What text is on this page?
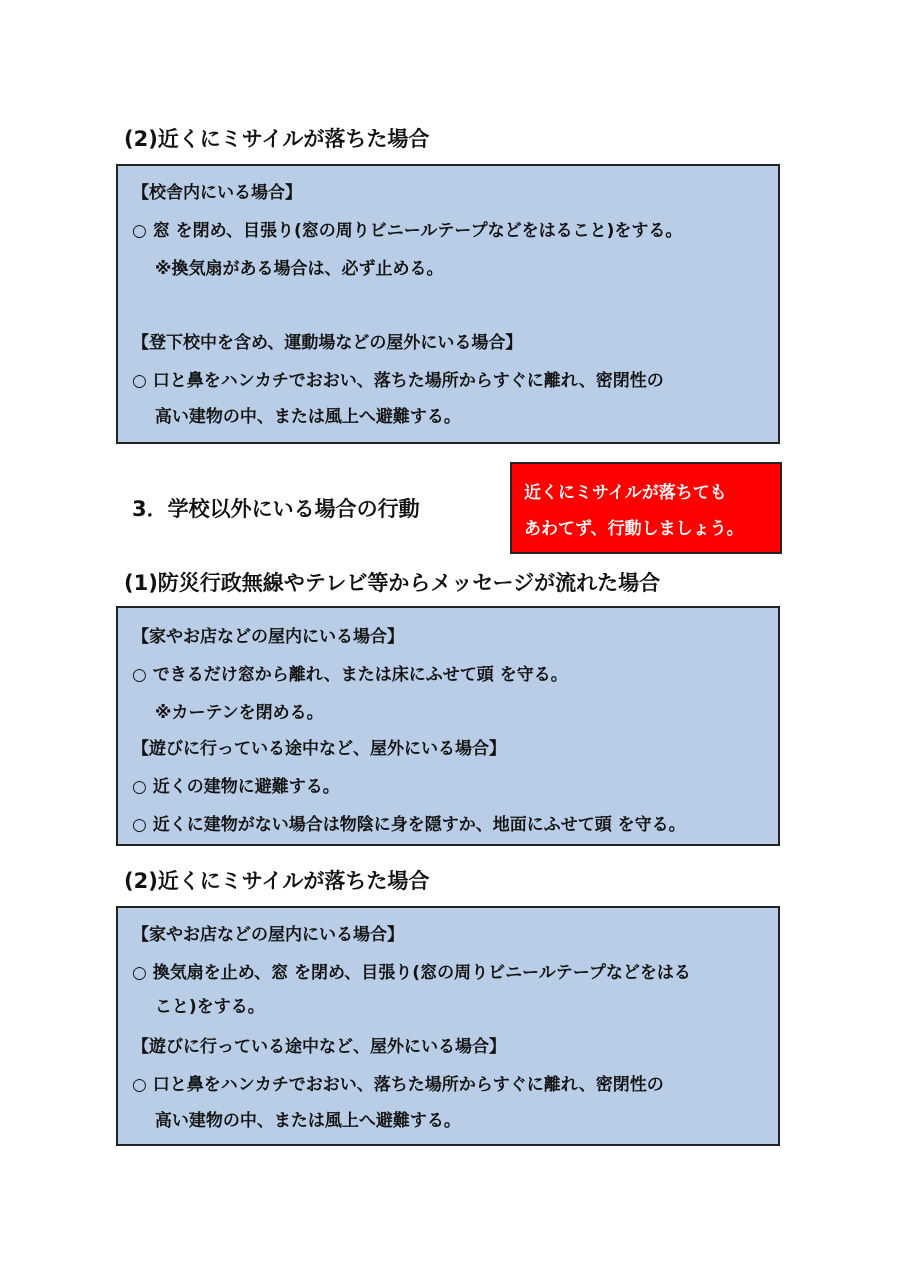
(2)近くにミサイルが落ちた場合
【校舎内にいる場合】
○ 窓 を閉め、目張り(窓の周りビニールテープなどをはること)をする。
　 ※換気扇がある場合は、必ず止める。
【登下校中を含め、運動場などの屋外にいる場合】
○ 口と鼻をハンカチでおおい、落ちた場所からすぐに離れ、密閉性の
　 高い建物の中、または風上へ避難する。
3．学校以外にいる場合の行動
近くにミサイルが落ちても
あわてず、行動しましょう。
(1)防災行政無線やテレビ等からメッセージが流れた場合
【家やお店などの屋内にいる場合】
○ できるだけ窓から離れ、または床にふせて頭 を守る。
　 ※カーテンを閉める。
【遊びに行っている途中など、屋外にいる場合】
○ 近くの建物に避難する。
○ 近くに建物がない場合は物陰に身を隠すか、地面にふせて頭 を守る。
(2)近くにミサイルが落ちた場合
【家やお店などの屋内にいる場合】
○ 換気扇を止め、窓 を閉め、目張り(窓の周りビニールテープなどをはる
　 こと)をする。
【遊びに行っている途中など、屋外にいる場合】
○ 口と鼻をハンカチでおおい、落ちた場所からすぐに離れ、密閉性の
　 高い建物の中、または風上へ避難する。
